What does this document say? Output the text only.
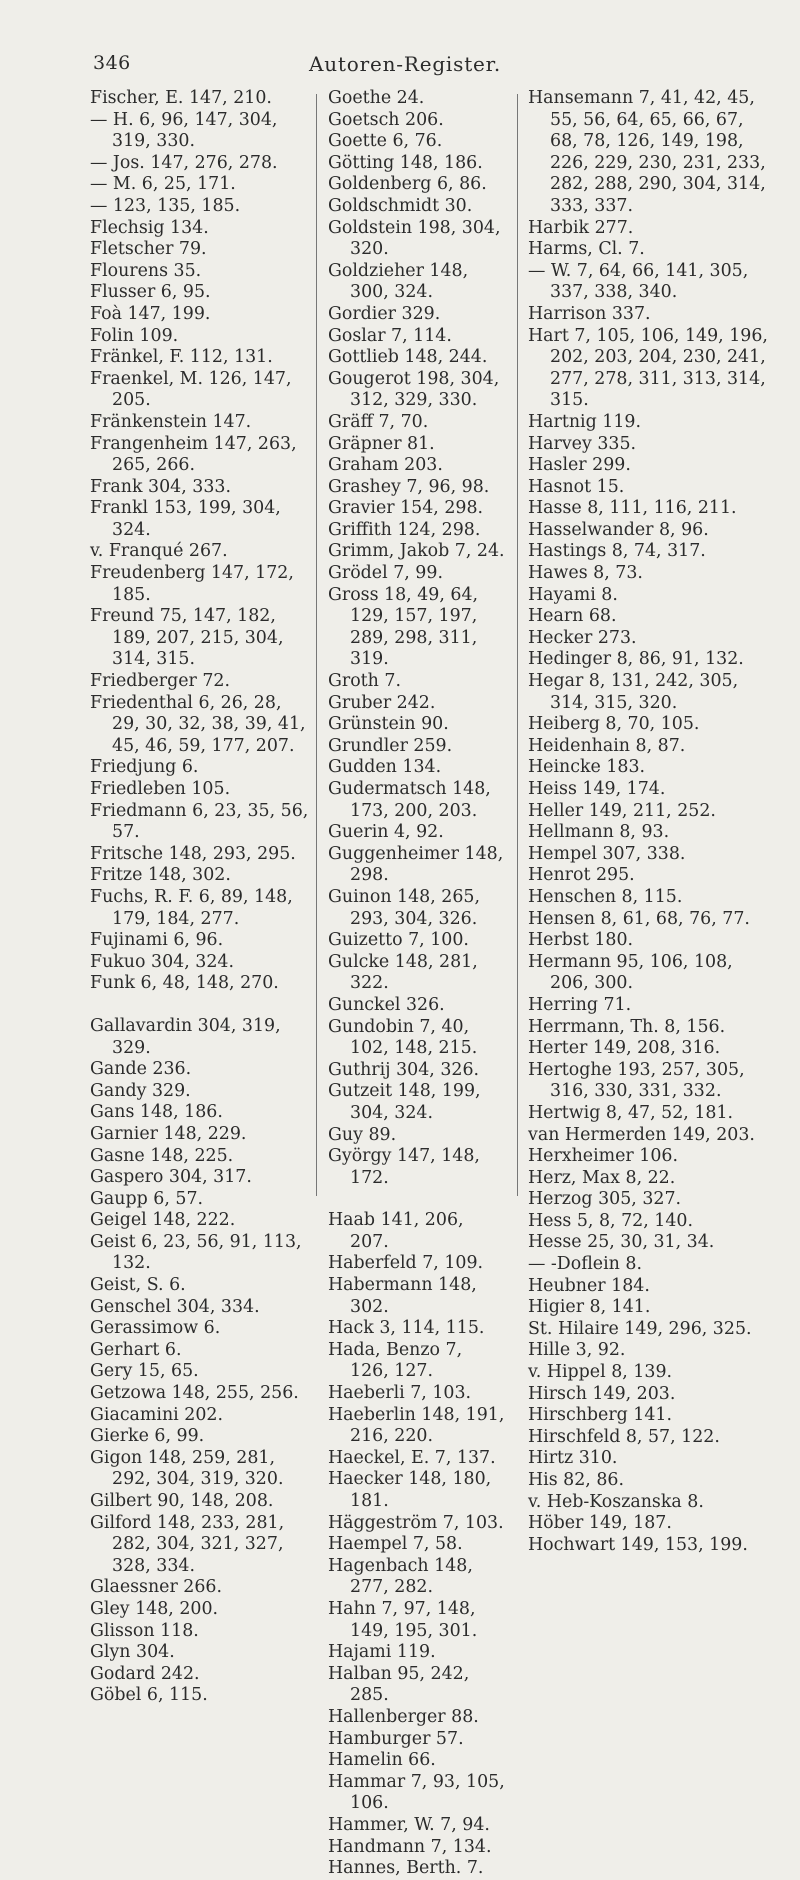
346	Autoren-Register.
Fischer, E. 147, 210.
— H. 6, 96, 147, 304, 319, 330.
— Jos. 147, 276, 278.
— M. 6, 25, 171.
— 123, 135, 185.
Flechsig 134.
Fletscher 79.
Flourens 35.
Flusser 6, 95.
Foà 147, 199.
Folin 109.
Fränkel, F. 112, 131.
Fraenkel, M. 126, 147, 205.
Fränkenstein 147.
Frangenheim 147, 263, 265, 266.
Frank 304, 333.
Frankl 153, 199, 304, 324.
v. Franqué 267.
Freudenberg 147, 172, 185.
Freund 75, 147, 182, 189, 207, 215, 304, 314, 315.
Friedberger 72.
Friedenthal 6, 26, 28, 29, 30, 32, 38, 39, 41, 45, 46, 59, 177, 207.
Friedjung 6.
Friedleben 105.
Friedmann 6, 23, 35, 56, 57.
Fritsche 148, 293, 295.
Fritze 148, 302.
Fuchs, R. F. 6, 89, 148, 179, 184, 277.
Fujinami 6, 96.
Fukuo 304, 324.
Funk 6, 48, 148, 270.
Gallavardin 304, 319, 329.
Gande 236.
Gandy 329.
Gans 148, 186.
Garnier 148, 229.
Gasne 148, 225.
Gaspero 304, 317.
Gaupp 6, 57.
Geigel 148, 222.
Geist 6, 23, 56, 91, 113, 132.
Geist, S. 6.
Genschel 304, 334.
Gerassimow 6.
Gerhart 6.
Gery 15, 65.
Getzowa 148, 255, 256.
Giacamini 202.
Gierke 6, 99.
Gigon 148, 259, 281, 292, 304, 319, 320.
Gilbert 90, 148, 208.
Gilford 148, 233, 281, 282, 304, 321, 327, 328, 334.
Glaessner 266.
Gley 148, 200.
Glisson 118.
Glyn 304.
Godard 242.
Göbel 6, 115.
Goethe 24.
Goetsch 206.
Goette 6, 76.
Götting 148, 186.
Goldenberg 6, 86.
Goldschmidt 30.
Goldstein 198, 304, 320.
Goldzieher 148, 300, 324.
Gordier 329.
Goslar 7, 114.
Gottlieb 148, 244.
Gougerot 198, 304, 312, 329, 330.
Gräff 7, 70.
Gräpner 81.
Graham 203.
Grashey 7, 96, 98.
Gravier 154, 298.
Griffith 124, 298.
Grimm, Jakob 7, 24.
Grödel 7, 99.
Gross 18, 49, 64, 129, 157, 197, 289, 298, 311, 319.
Groth 7.
Gruber 242.
Grünstein 90.
Grundler 259.
Gudden 134.
Gudermatsch 148, 173, 200, 203.
Guerin 4, 92.
Guggenheimer 148, 298.
Guinon 148, 265, 293, 304, 326.
Guizetto 7, 100.
Gulcke 148, 281, 322.
Gunckel 326.
Gundobin 7, 40, 102, 148, 215.
Guthrij 304, 326.
Gutzeit 148, 199, 304, 324.
Guy 89.
György 147, 148, 172.
Haab 141, 206, 207.
Haberfeld 7, 109.
Habermann 148, 302.
Hack 3, 114, 115.
Hada, Benzo 7, 126, 127.
Haeberli 7, 103.
Haeberlin 148, 191, 216, 220.
Haeckel, E. 7, 137.
Haecker 148, 180, 181.
Häggeström 7, 103.
Haempel 7, 58.
Hagenbach 148, 277, 282.
Hahn 7, 97, 148, 149, 195, 301.
Hajami 119.
Halban 95, 242, 285.
Hallenberger 88.
Hamburger 57.
Hamelin 66.
Hammar 7, 93, 105, 106.
Hammer, W. 7, 94.
Handmann 7, 134.
Hannes, Berth. 7.
Hansemann 7, 41, 42, 45, 55, 56, 64, 65, 66, 67, 68, 78, 126, 149, 198, 226, 229, 230, 231, 233, 282, 288, 290, 304, 314, 333, 337.
Harbik 277.
Harms, Cl. 7.
— W. 7, 64, 66, 141, 305, 337, 338, 340.
Harrison 337.
Hart 7, 105, 106, 149, 196, 202, 203, 204, 230, 241, 277, 278, 311, 313, 314, 315.
Hartnig 119.
Harvey 335.
Hasler 299.
Hasnot 15.
Hasse 8, 111, 116, 211.
Hasselwander 8, 96.
Hastings 8, 74, 317.
Hawes 8, 73.
Hayami 8.
Hearn 68.
Hecker 273.
Hedinger 8, 86, 91, 132.
Hegar 8, 131, 242, 305, 314, 315, 320.
Heiberg 8, 70, 105.
Heidenhain 8, 87.
Heincke 183.
Heiss 149, 174.
Heller 149, 211, 252.
Hellmann 8, 93.
Hempel 307, 338.
Henrot 295.
Henschen 8, 115.
Hensen 8, 61, 68, 76, 77.
Herbst 180.
Hermann 95, 106, 108, 206, 300.
Herring 71.
Herrmann, Th. 8, 156.
Herter 149, 208, 316.
Hertoghe 193, 257, 305, 316, 330, 331, 332.
Hertwig 8, 47, 52, 181.
van Hermerden 149, 203.
Herxheimer 106.
Herz, Max 8, 22.
Herzog 305, 327.
Hess 5, 8, 72, 140.
Hesse 25, 30, 31, 34.
— -Doflein 8.
Heubner 184.
Higier 8, 141.
St. Hilaire 149, 296, 325.
Hille 3, 92.
v. Hippel 8, 139.
Hirsch 149, 203.
Hirschberg 141.
Hirschfeld 8, 57, 122.
Hirtz 310.
His 82, 86.
v. Heb-Koszanska 8.
Höber 149, 187.
Hochwart 149, 153, 199.
